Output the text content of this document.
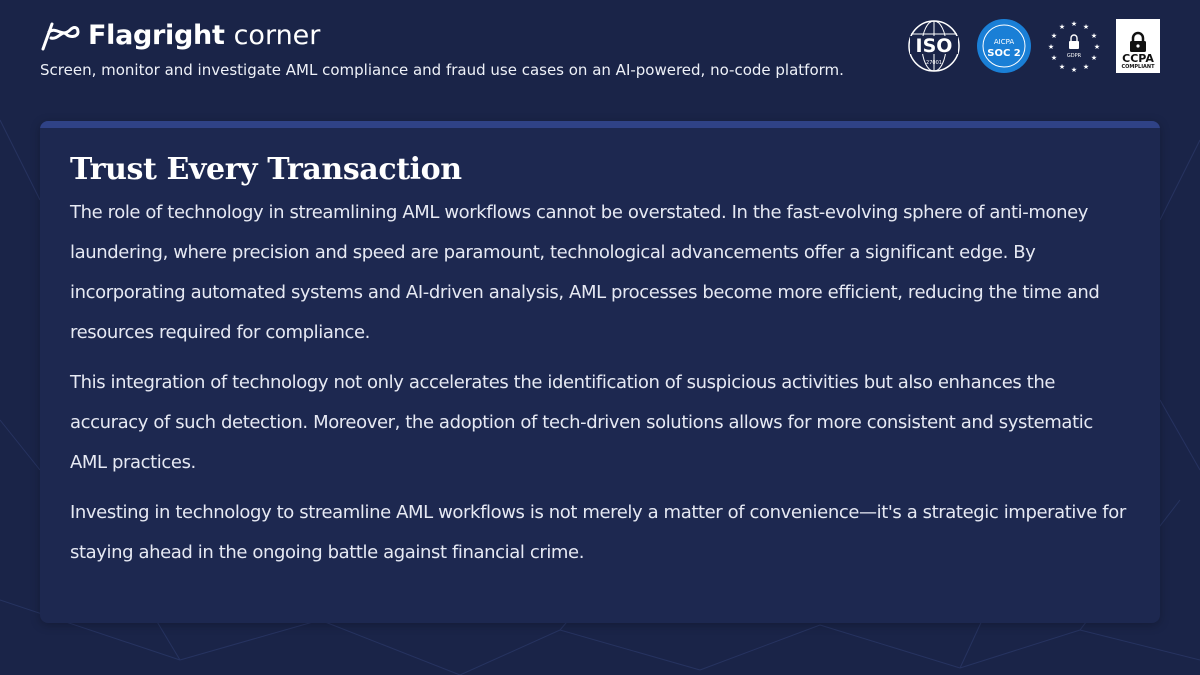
Flagright corner
Screen, monitor and investigate AML compliance and fraud use cases on an AI-powered, no-code platform.
ISO
27001
AICPA
SOC 2
★ ★
★
★
★
★
★
★
★
★
★
★
GDPR	CCPA
COMPLIANT
Trust Every Transaction

The role of technology in streamlining AML workflows cannot be overstated. In the fast-evolving sphere of anti-money laundering, where precision and speed are paramount, technological advancements offer a significant edge. By incorporating automated systems and AI-driven analysis, AML processes become more efficient, reducing the time and resources required for compliance.

This integration of technology not only accelerates the identification of suspicious activities but also enhances the accuracy of such detection. Moreover, the adoption of tech-driven solutions allows for more consistent and systematic AML practices.

Investing in technology to streamline AML workflows is not merely a matter of convenience—it's a strategic imperative for staying ahead in the ongoing battle against financial crime.
